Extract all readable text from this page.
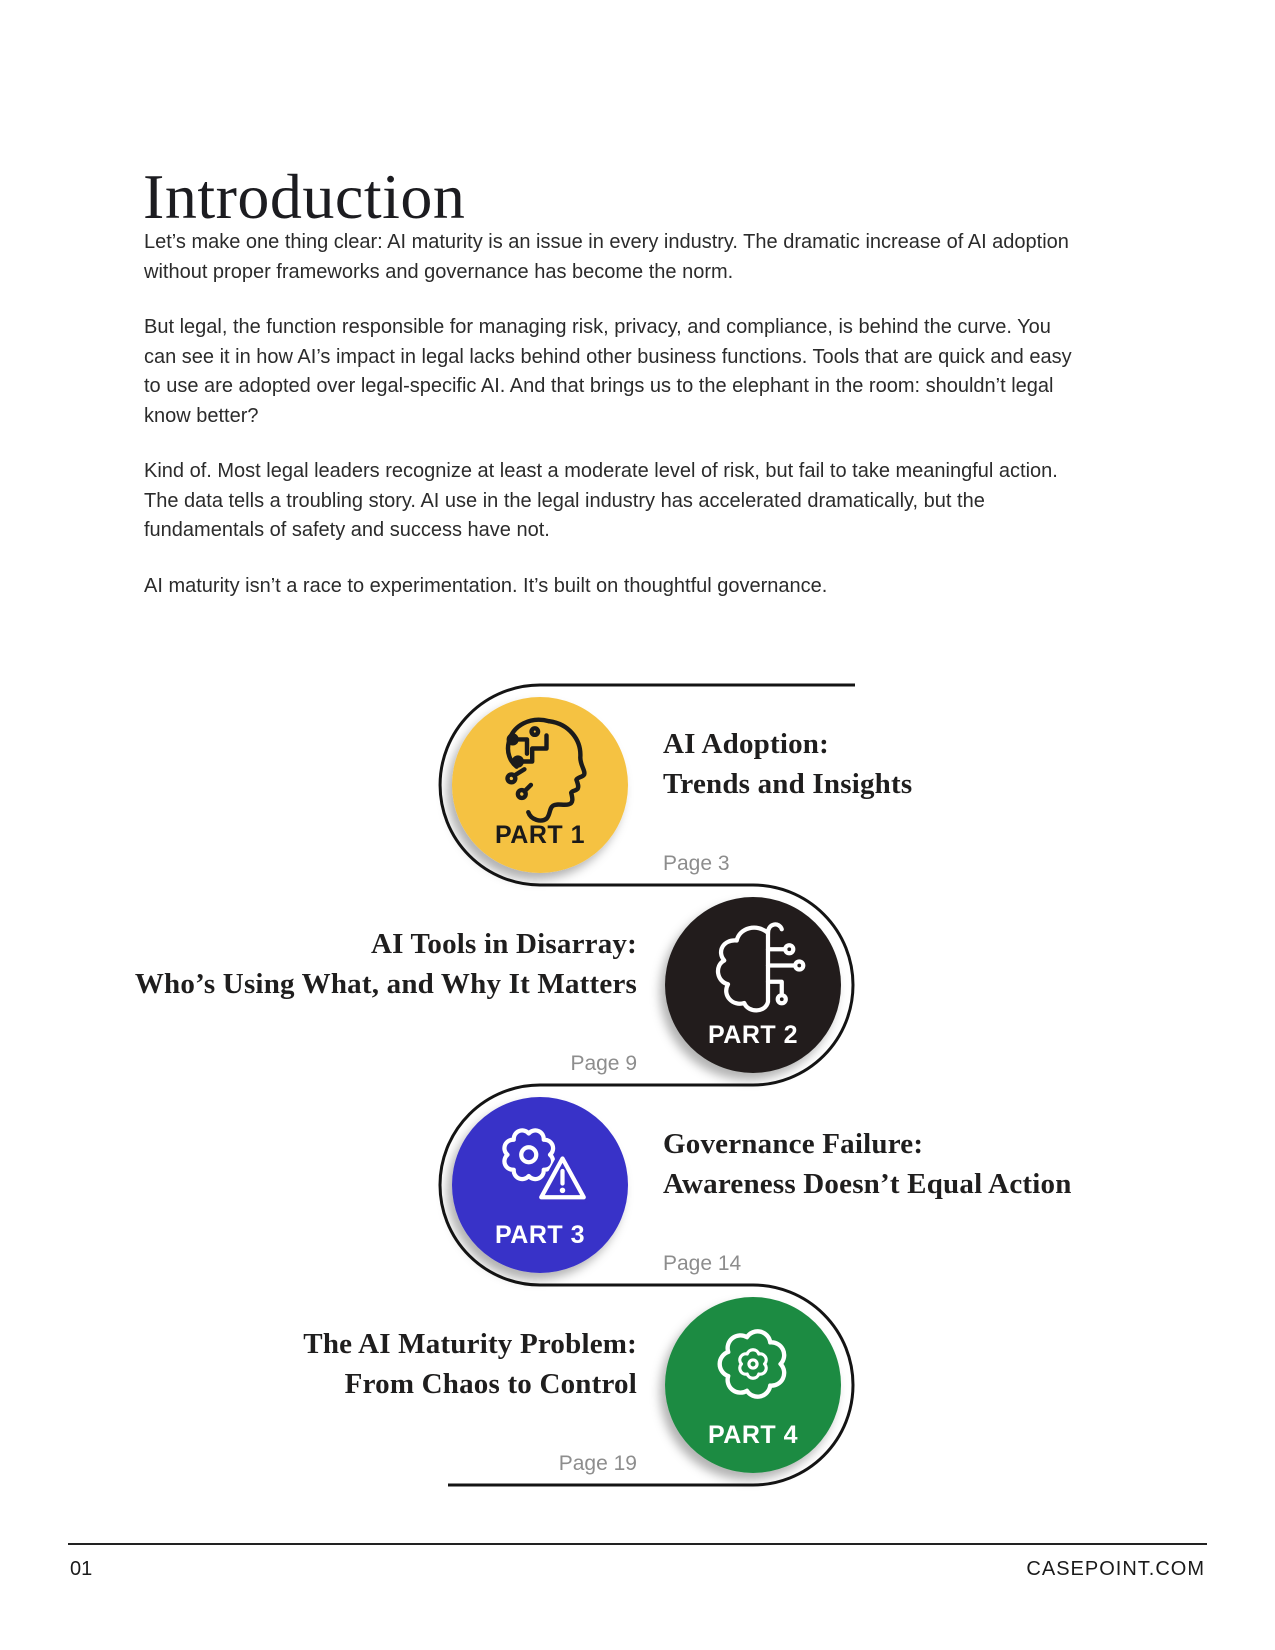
Introduction

Let’s make one thing clear: AI maturity is an issue in every industry. The dramatic increase of AI adoption without proper frameworks and governance has become the norm.

But legal, the function responsible for managing risk, privacy, and compliance, is behind the curve. You can see it in how AI’s impact in legal lacks behind other business functions. Tools that are quick and easy to use are adopted over legal-specific AI. And that brings us to the elephant in the room: shouldn’t legal know better?

Kind of. Most legal leaders recognize at least a moderate level of risk, but fail to take meaningful action. The data tells a troubling story. AI use in the legal industry has accelerated dramatically, but the fundamentals of safety and success have not.

AI maturity isn’t a race to experimentation. It’s built on thoughtful governance.

PART 1
PART 2
PART 3
PART 4
AI Adoption:
Trends and Insights
Page 3
AI Tools in Disarray:
Who’s Using What, and Why It Matters
Page 9
Governance Failure:
Awareness Doesn’t Equal Action
Page 14
The AI Maturity Problem:
From Chaos to Control
Page 19
01	CASEPOINT.COM
